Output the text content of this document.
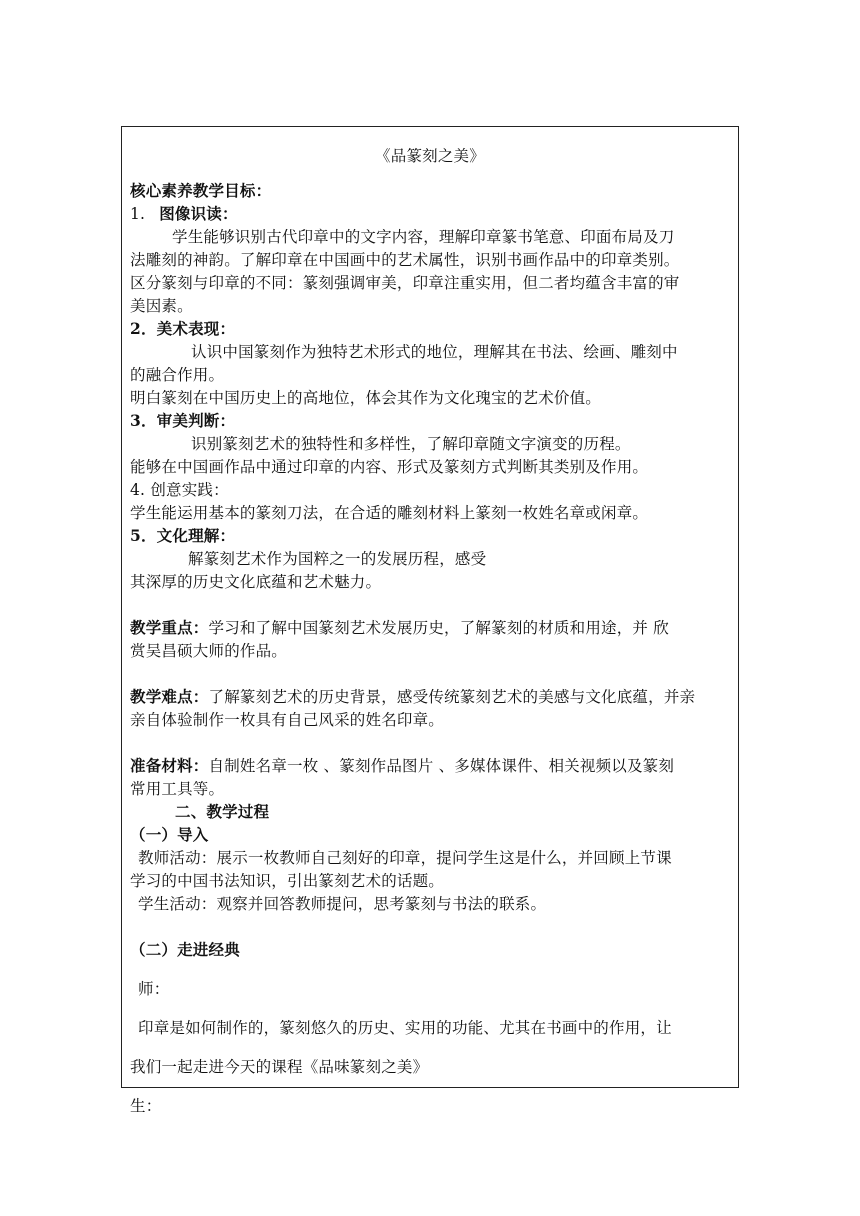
《品篆刻之美》
核心素养教学目标：
1. 图像识读：
学生能够识别古代印章中的文字内容，理解印章篆书笔意、印面布局及刀
法雕刻的神韵。了解印章在中国画中的艺术属性，识别书画作品中的印章类别。
区分篆刻与印章的不同：篆刻强调审美，印章注重实用，但二者均蕴含丰富的审
美因素。
2．美术表现：
认识中国篆刻作为独特艺术形式的地位，理解其在书法、绘画、雕刻中
的融合作用。
明白篆刻在中国历史上的高地位，体会其作为文化瑰宝的艺术价值。
3．审美判断：
识别篆刻艺术的独特性和多样性，了解印章随文字演变的历程。
能够在中国画作品中通过印章的内容、形式及篆刻方式判断其类别及作用。
4. 创意实践：
学生能运用基本的篆刻刀法，在合适的雕刻材料上篆刻一枚姓名章或闲章。
5．文化理解：
解篆刻艺术作为国粹之一的发展历程，感受
其深厚的历史文化底蕴和艺术魅力。
教学重点：学习和了解中国篆刻艺术发展历史，了解篆刻的材质和用途，并 欣
赏吴昌硕大师的作品。
教学难点：了解篆刻艺术的历史背景，感受传统篆刻艺术的美感与文化底蕴，并亲
亲自体验制作一枚具有自己风采的姓名印章。
准备材料：自制姓名章一枚 、篆刻作品图片 、多媒体课件、相关视频以及篆刻
常用工具等。
二、教学过程
（一）导入
教师活动：展示一枚教师自己刻好的印章，提问学生这是什么，并回顾上节课
学习的中国书法知识，引出篆刻艺术的话题。
学生活动：观察并回答教师提问，思考篆刻与书法的联系。
（二）走进经典
师：
印章是如何制作的，篆刻悠久的历史、实用的功能、尤其在书画中的作用，让
我们一起走进今天的课程《品味篆刻之美》
生：
